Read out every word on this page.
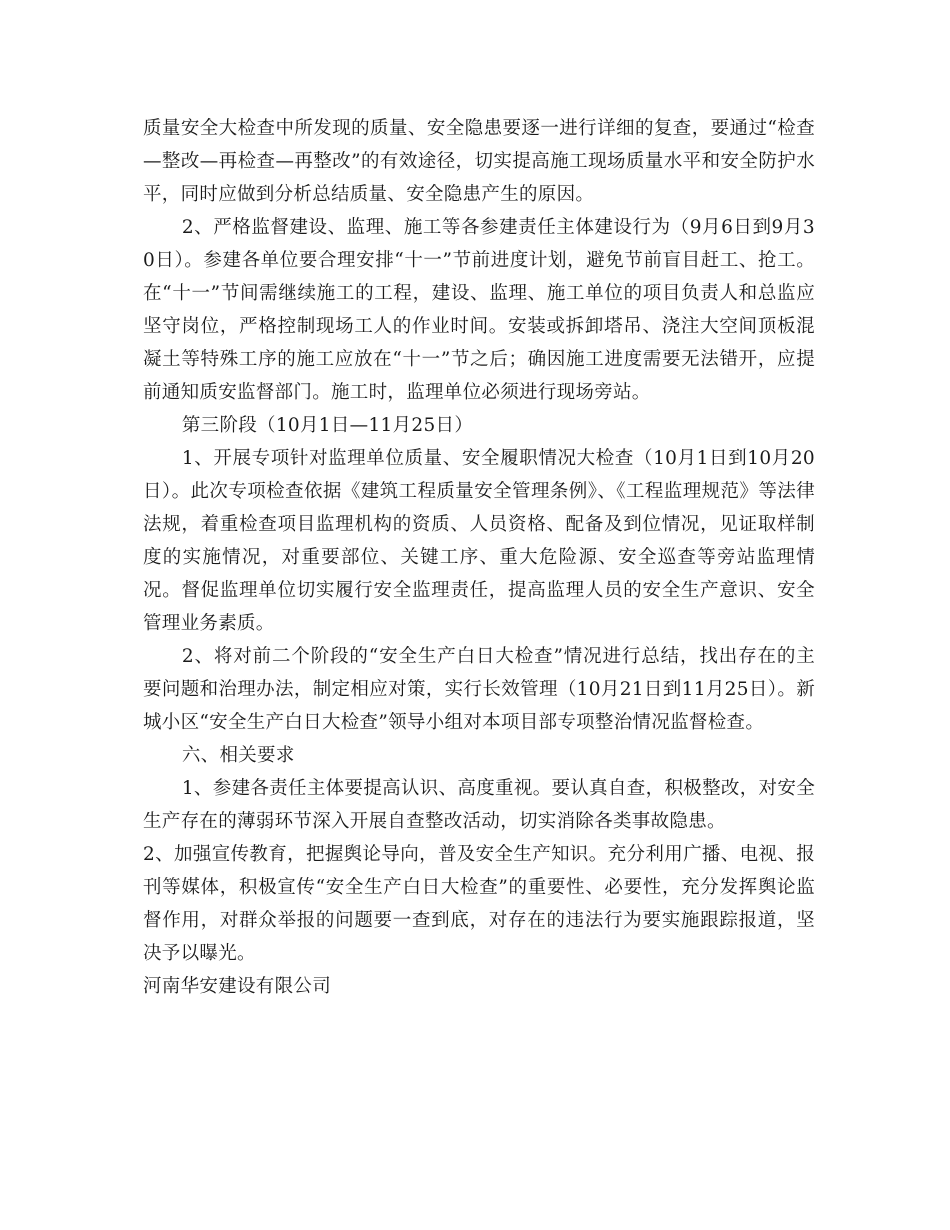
质量安全大检查中所发现的质量、安全隐患要逐一进行详细的复查，要通过“检查—整改—再检查—再整改”的有效途径，切实提高施工现场质量水平和安全防护水平，同时应做到分析总结质量、安全隐患产生的原因。

2、严格监督建设、监理、施工等各参建责任主体建设行为（9月6日到9月30日）。参建各单位要合理安排“十一”节前进度计划，避免节前盲目赶工、抢工。在“十一”节间需继续施工的工程，建设、监理、施工单位的项目负责人和总监应坚守岗位，严格控制现场工人的作业时间。安装或拆卸塔吊、浇注大空间顶板混凝土等特殊工序的施工应放在“十一”节之后；确因施工进度需要无法错开，应提前通知质安监督部门。施工时，监理单位必须进行现场旁站。

第三阶段（10月1日—11月25日）

1、开展专项针对监理单位质量、安全履职情况大检查（10月1日到10月20日）。此次专项检查依据《建筑工程质量安全管理条例》、《工程监理规范》等法律法规，着重检查项目监理机构的资质、人员资格、配备及到位情况，见证取样制度的实施情况，对重要部位、关键工序、重大危险源、安全巡查等旁站监理情况。督促监理单位切实履行安全监理责任，提高监理人员的安全生产意识、安全管理业务素质。

2、将对前二个阶段的“安全生产白日大检查”情况进行总结，找出存在的主要问题和治理办法，制定相应对策，实行长效管理（10月21日到11月25日）。新城小区“安全生产白日大检查”领导小组对本项目部专项整治情况监督检查。

六、相关要求

1、参建各责任主体要提高认识、高度重视。要认真自查，积极整改，对安全生产存在的薄弱环节深入开展自查整改活动，切实消除各类事故隐患。

2、加强宣传教育，把握舆论导向，普及安全生产知识。充分利用广播、电视、报刊等媒体，积极宣传“安全生产白日大检查”的重要性、必要性，充分发挥舆论监督作用，对群众举报的问题要一查到底，对存在的违法行为要实施跟踪报道，坚决予以曝光。

河南华安建设有限公司
